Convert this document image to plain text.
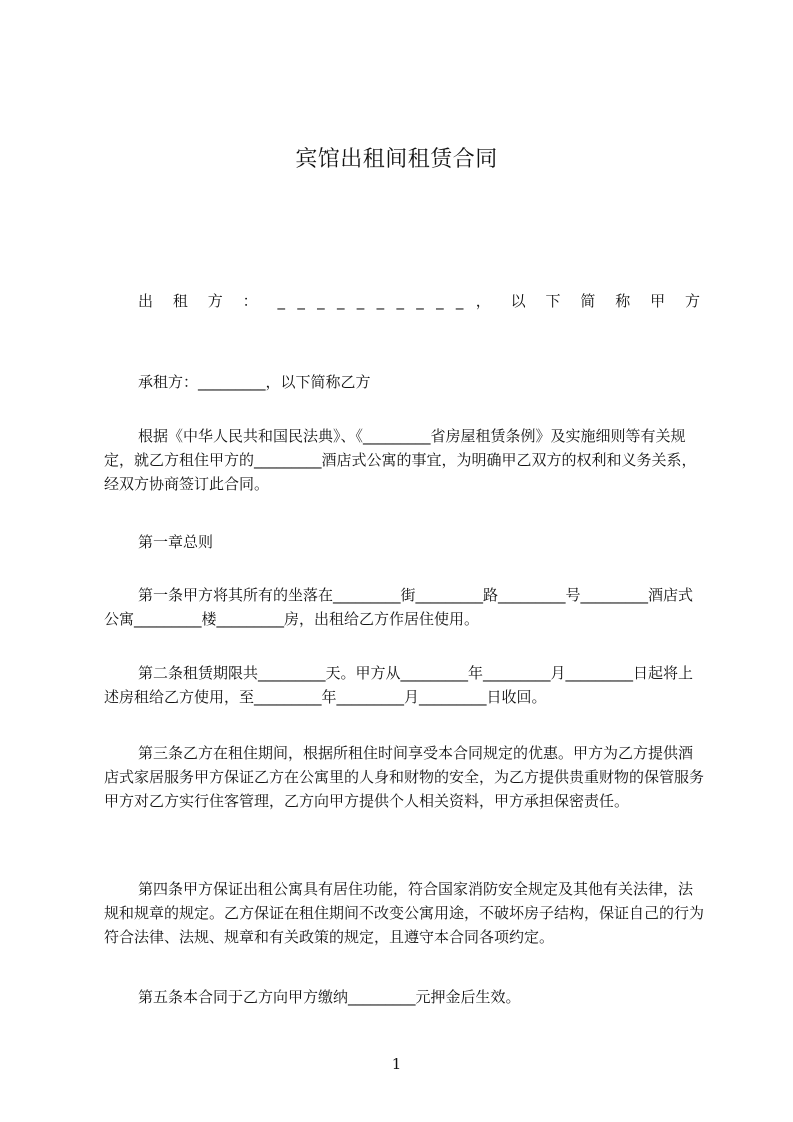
宾馆出租间租赁合同
出 租 方 ： _ _ _ _ _ _ _ _ _ _ ， 以 下 简 称 甲 方

承租方：_________，以下简称乙方

根据《中华人民共和国民法典》、《_________省房屋租赁条例》及实施细则等有关规定，就乙方租住甲方的_________酒店式公寓的事宜，为明确甲乙双方的权利和义务关系，经双方协商签订此合同。

第一章总则

第一条甲方将其所有的坐落在_________街_________路_________号_________酒店式公寓_________楼_________房，出租给乙方作居住使用。

第二条租赁期限共_________天。甲方从_________年_________月_________日起将上述房租给乙方使用，至_________年_________月_________日收回。

第三条乙方在租住期间，根据所租住时间享受本合同规定的优惠。甲方为乙方提供酒店式家居服务甲方保证乙方在公寓里的人身和财物的安全，为乙方提供贵重财物的保管服务甲方对乙方实行住客管理，乙方向甲方提供个人相关资料，甲方承担保密责任。

第四条甲方保证出租公寓具有居住功能，符合国家消防安全规定及其他有关法律，法规和规章的规定。乙方保证在租住期间不改变公寓用途，不破坏房子结构，保证自己的行为符合法律、法规、规章和有关政策的规定，且遵守本合同各项约定。

第五条本合同于乙方向甲方缴纳_________元押金后生效。

1
